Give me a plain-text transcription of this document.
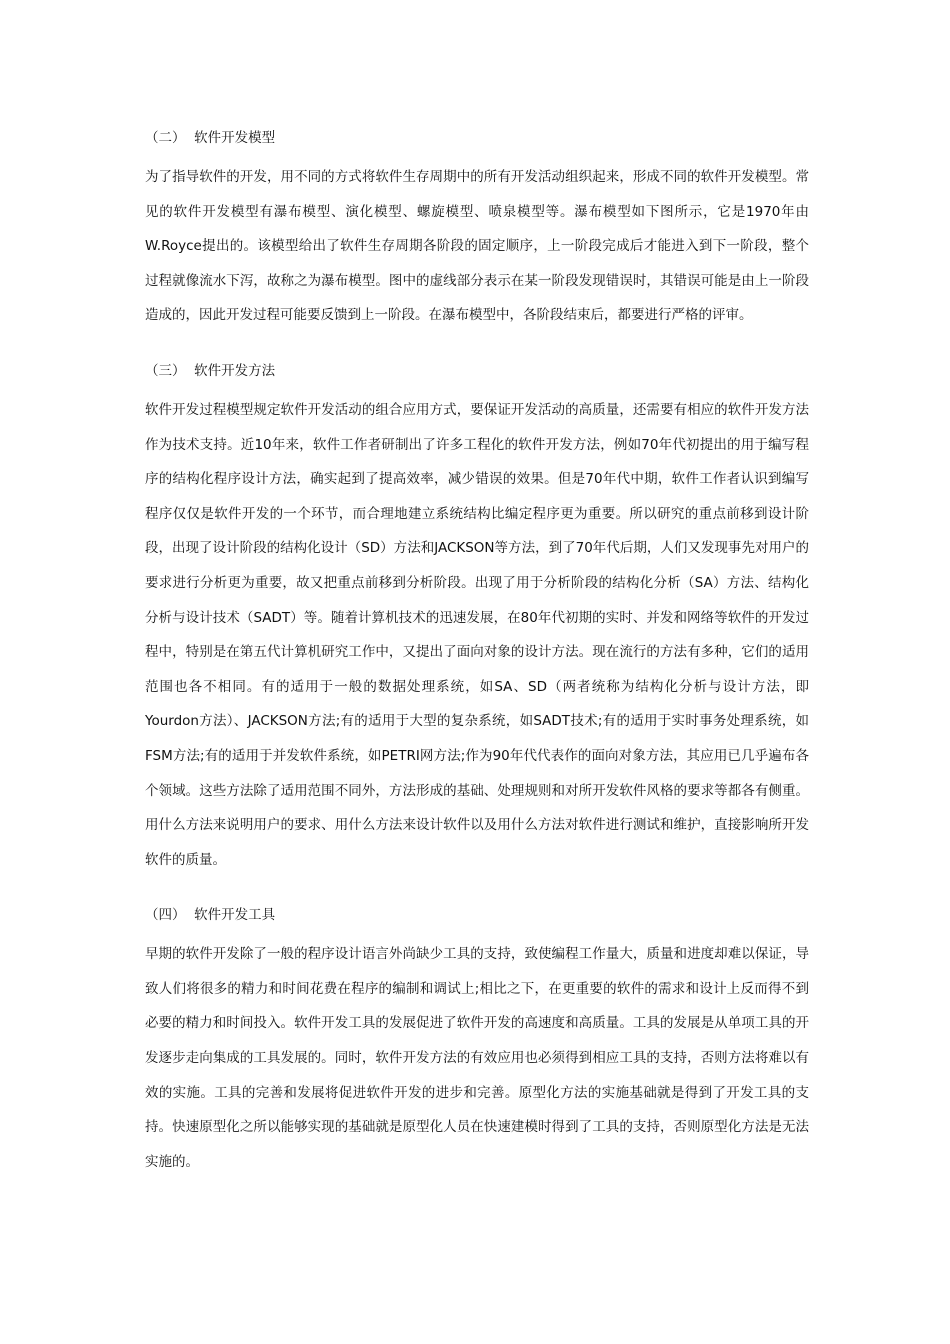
（二）  软件开发模型

为了指导软件的开发，用不同的方式将软件生存周期中的所有开发活动组织起来，形成不同的软件开发模型。常见的软件开发模型有瀑布模型、演化模型、螺旋模型、喷泉模型等。瀑布模型如下图所示，它是1970年由W.Royce提出的。该模型给出了软件生存周期各阶段的固定顺序，上一阶段完成后才能进入到下一阶段，整个过程就像流水下泻，故称之为瀑布模型。图中的虚线部分表示在某一阶段发现错误时，其错误可能是由上一阶段造成的，因此开发过程可能要反馈到上一阶段。在瀑布模型中，各阶段结束后，都要进行严格的评审。

（三）  软件开发方法

软件开发过程模型规定软件开发活动的组合应用方式，要保证开发活动的高质量，还需要有相应的软件开发方法作为技术支持。近10年来，软件工作者研制出了许多工程化的软件开发方法，例如70年代初提出的用于编写程序的结构化程序设计方法，确实起到了提高效率，减少错误的效果。但是70年代中期，软件工作者认识到编写程序仅仅是软件开发的一个环节，而合理地建立系统结构比编定程序更为重要。所以研究的重点前移到设计阶段，出现了设计阶段的结构化设计（SD）方法和JACKSON等方法，到了70年代后期，人们又发现事先对用户的要求进行分析更为重要，故又把重点前移到分析阶段。出现了用于分析阶段的结构化分析（SA）方法、结构化分析与设计技术（SADT）等。随着计算机技术的迅速发展，在80年代初期的实时、并发和网络等软件的开发过程中，特别是在第五代计算机研究工作中，又提出了面向对象的设计方法。现在流行的方法有多种，它们的适用范围也各不相同。有的适用于一般的数据处理系统，如SA、SD（两者统称为结构化分析与设计方法，即Yourdon方法）、JACKSON方法;有的适用于大型的复杂系统，如SADT技术;有的适用于实时事务处理系统，如FSM方法;有的适用于并发软件系统，如PETRI网方法;作为90年代代表作的面向对象方法，其应用已几乎遍布各个领域。这些方法除了适用范围不同外，方法形成的基础、处理规则和对所开发软件风格的要求等都各有侧重。用什么方法来说明用户的要求、用什么方法来设计软件以及用什么方法对软件进行测试和维护，直接影响所开发软件的质量。

（四）  软件开发工具

早期的软件开发除了一般的程序设计语言外尚缺少工具的支持，致使编程工作量大，质量和进度却难以保证，导致人们将很多的精力和时间花费在程序的编制和调试上;相比之下，在更重要的软件的需求和设计上反而得不到必要的精力和时间投入。软件开发工具的发展促进了软件开发的高速度和高质量。工具的发展是从单项工具的开发逐步走向集成的工具发展的。同时，软件开发方法的有效应用也必须得到相应工具的支持，否则方法将难以有效的实施。工具的完善和发展将促进软件开发的进步和完善。原型化方法的实施基础就是得到了开发工具的支持。快速原型化之所以能够实现的基础就是原型化人员在快速建模时得到了工具的支持，否则原型化方法是无法实施的。
